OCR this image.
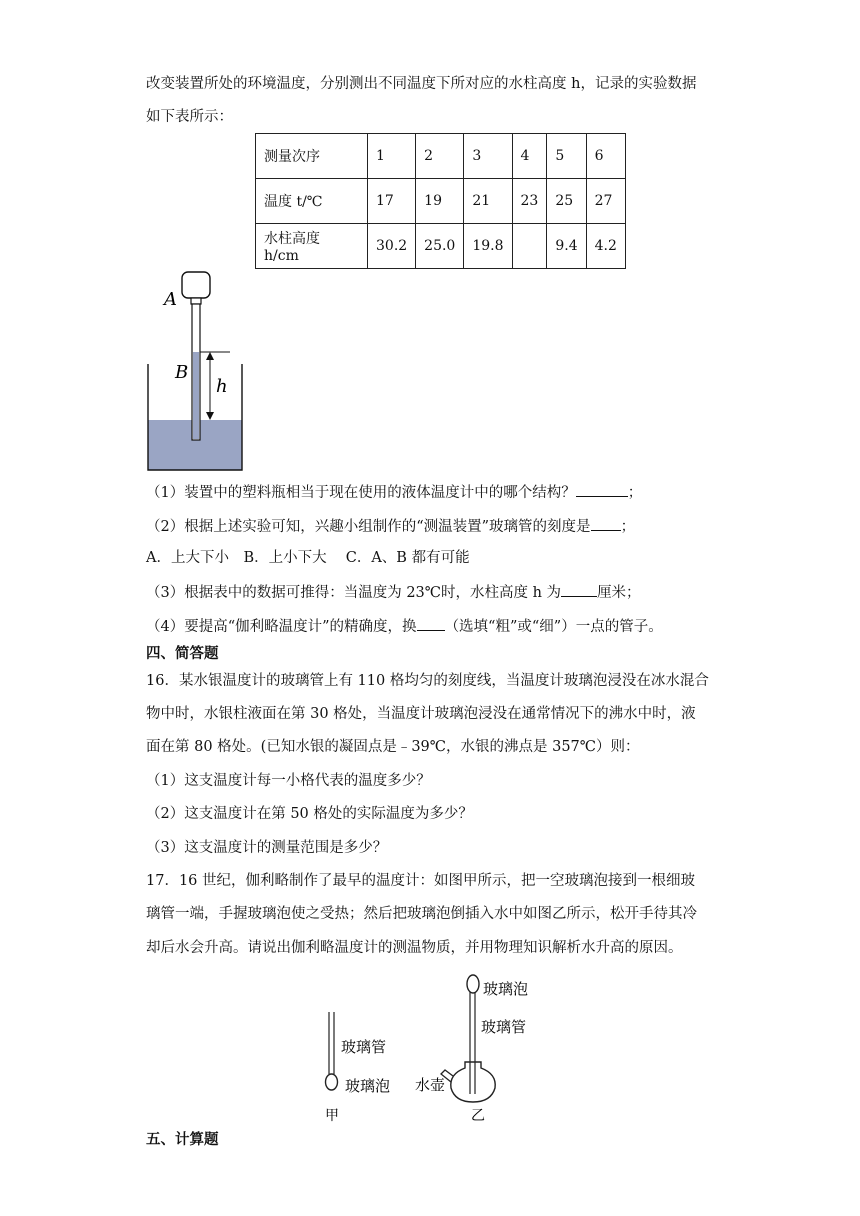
改变装置所处的环境温度，分别测出不同温度下所对应的水柱高度 h，记录的实验数据
如下表所示：
测量次序	1	2	3	4	5	6
温度 t/℃	17	19	21	23	25	27
水柱高度 h/cm	30.2	25.0	19.8		9.4	4.2
A
B
h
（1）装置中的塑料瓶相当于现在使用的液体温度计中的哪个结构？	；
（2）根据上述实验可知，兴趣小组制作的“测温装置”玻璃管的刻度是 ；
A．上大下小　B．上小下大　 C．A、B 都有可能
（3）根据表中的数据可推得：当温度为 23℃时，水柱高度 h 为 厘米；
（4）要提高“伽利略温度计”的精确度，换 （选填“粗”或“细”）一点的管子。
四、简答题
16．某水银温度计的玻璃管上有 110 格均匀的刻度线，当温度计玻璃泡浸没在冰水混合
物中时，水银柱液面在第 30 格处，当温度计玻璃泡浸没在通常情况下的沸水中时，液
面在第 80 格处。(已知水银的凝固点是﹣39℃，水银的沸点是 357℃）则：
（1）这支温度计每一小格代表的温度多少？
（2）这支温度计在第 50 格处的实际温度为多少？
（3）这支温度计的测量范围是多少？
17．16 世纪，伽利略制作了最早的温度计：如图甲所示，把一空玻璃泡接到一根细玻
璃管一端，手握玻璃泡使之受热；然后把玻璃泡倒插入水中如图乙所示，松开手待其冷
却后水会升高。请说出伽利略温度计的测温物质，并用物理知识解析水升高的原因。
玻璃管
玻璃泡
甲
玻璃泡
玻璃管
水壶
乙
五、计算题
